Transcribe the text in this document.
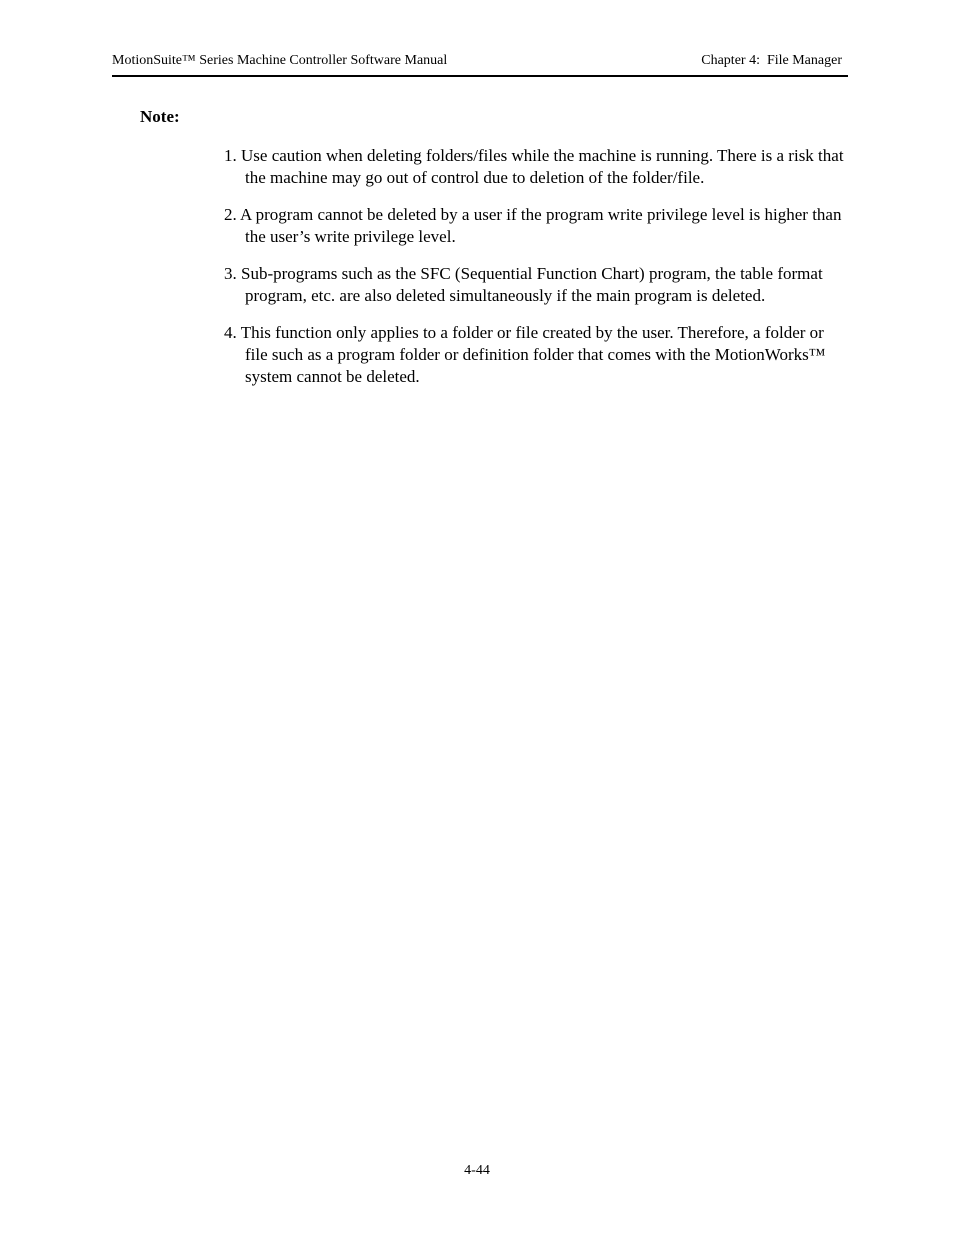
MotionSuite™ Series Machine Controller Software Manual	Chapter 4:  File Manager

Note:

1. Use caution when deleting folders/files while the machine is running. There is a risk that the machine may go out of control due to deletion of the folder/file.
2. A program cannot be deleted by a user if the program write privilege level is higher than the user’s write privilege level.
3. Sub-programs such as the SFC (Sequential Function Chart) program, the table format program, etc. are also deleted simultaneously if the main program is deleted.
4. This function only applies to a folder or file created by the user. Therefore, a folder or file such as a program folder or definition folder that comes with the MotionWorks™ system cannot be deleted.
4-44
